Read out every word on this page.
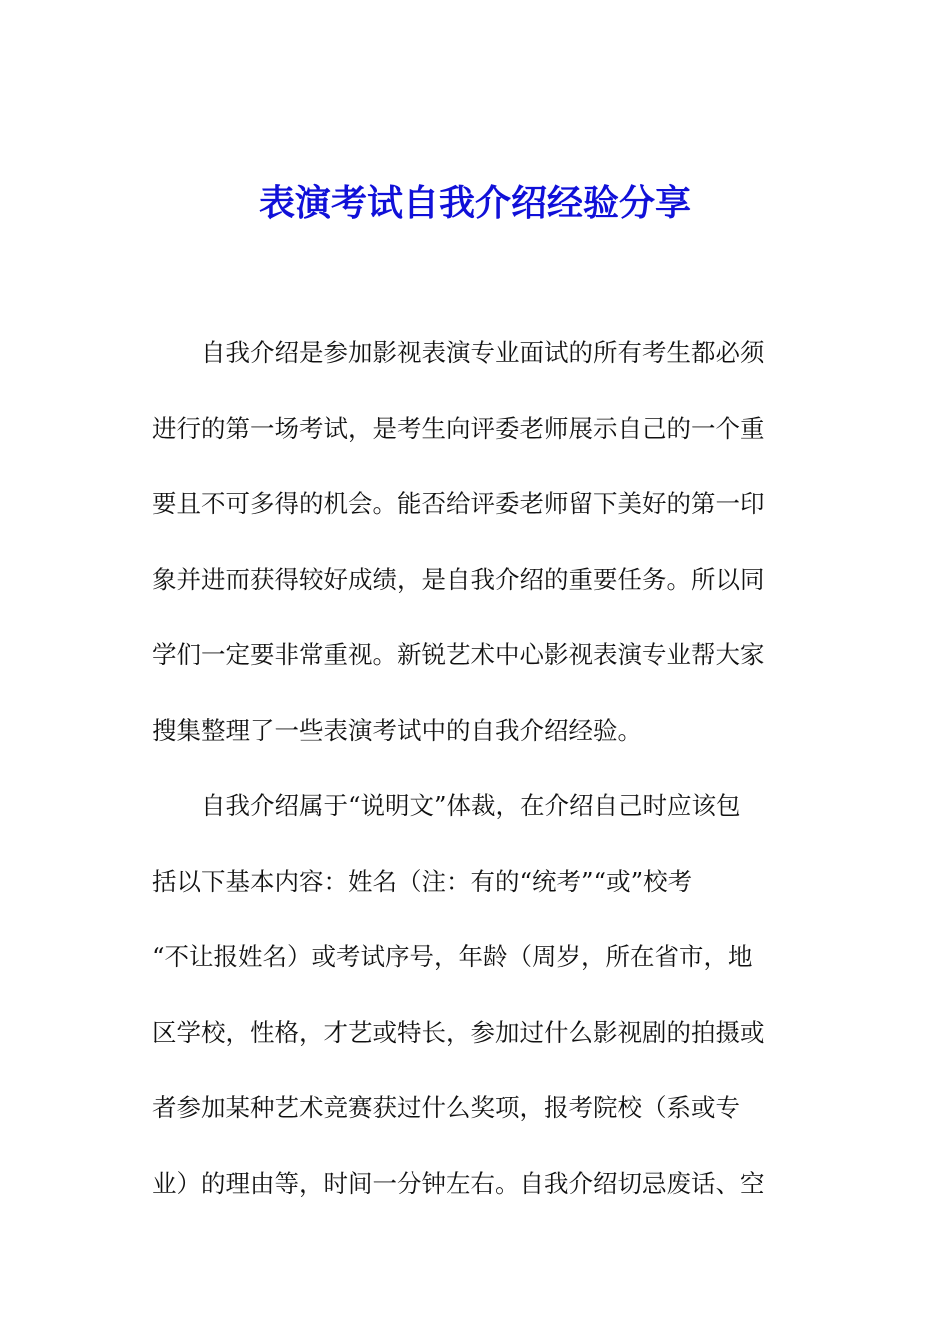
表演考试自我介绍经验分享
自我介绍是参加影视表演专业面试的所有考生都必须
进行的第一场考试，是考生向评委老师展示自己的一个重
要且不可多得的机会。能否给评委老师留下美好的第一印
象并进而获得较好成绩，是自我介绍的重要任务。所以同
学们一定要非常重视。新锐艺术中心影视表演专业帮大家
搜集整理了一些表演考试中的自我介绍经验。
自我介绍属于“说明文”体裁，在介绍自己时应该包
括以下基本内容：姓名（注：有的“统考”“或”校考
“不让报姓名）或考试序号，年龄（周岁，所在省市，地
区学校，性格，才艺或特长，参加过什么影视剧的拍摄或
者参加某种艺术竞赛获过什么奖项，报考院校（系或专
业）的理由等，时间一分钟左右。自我介绍切忌废话、空
